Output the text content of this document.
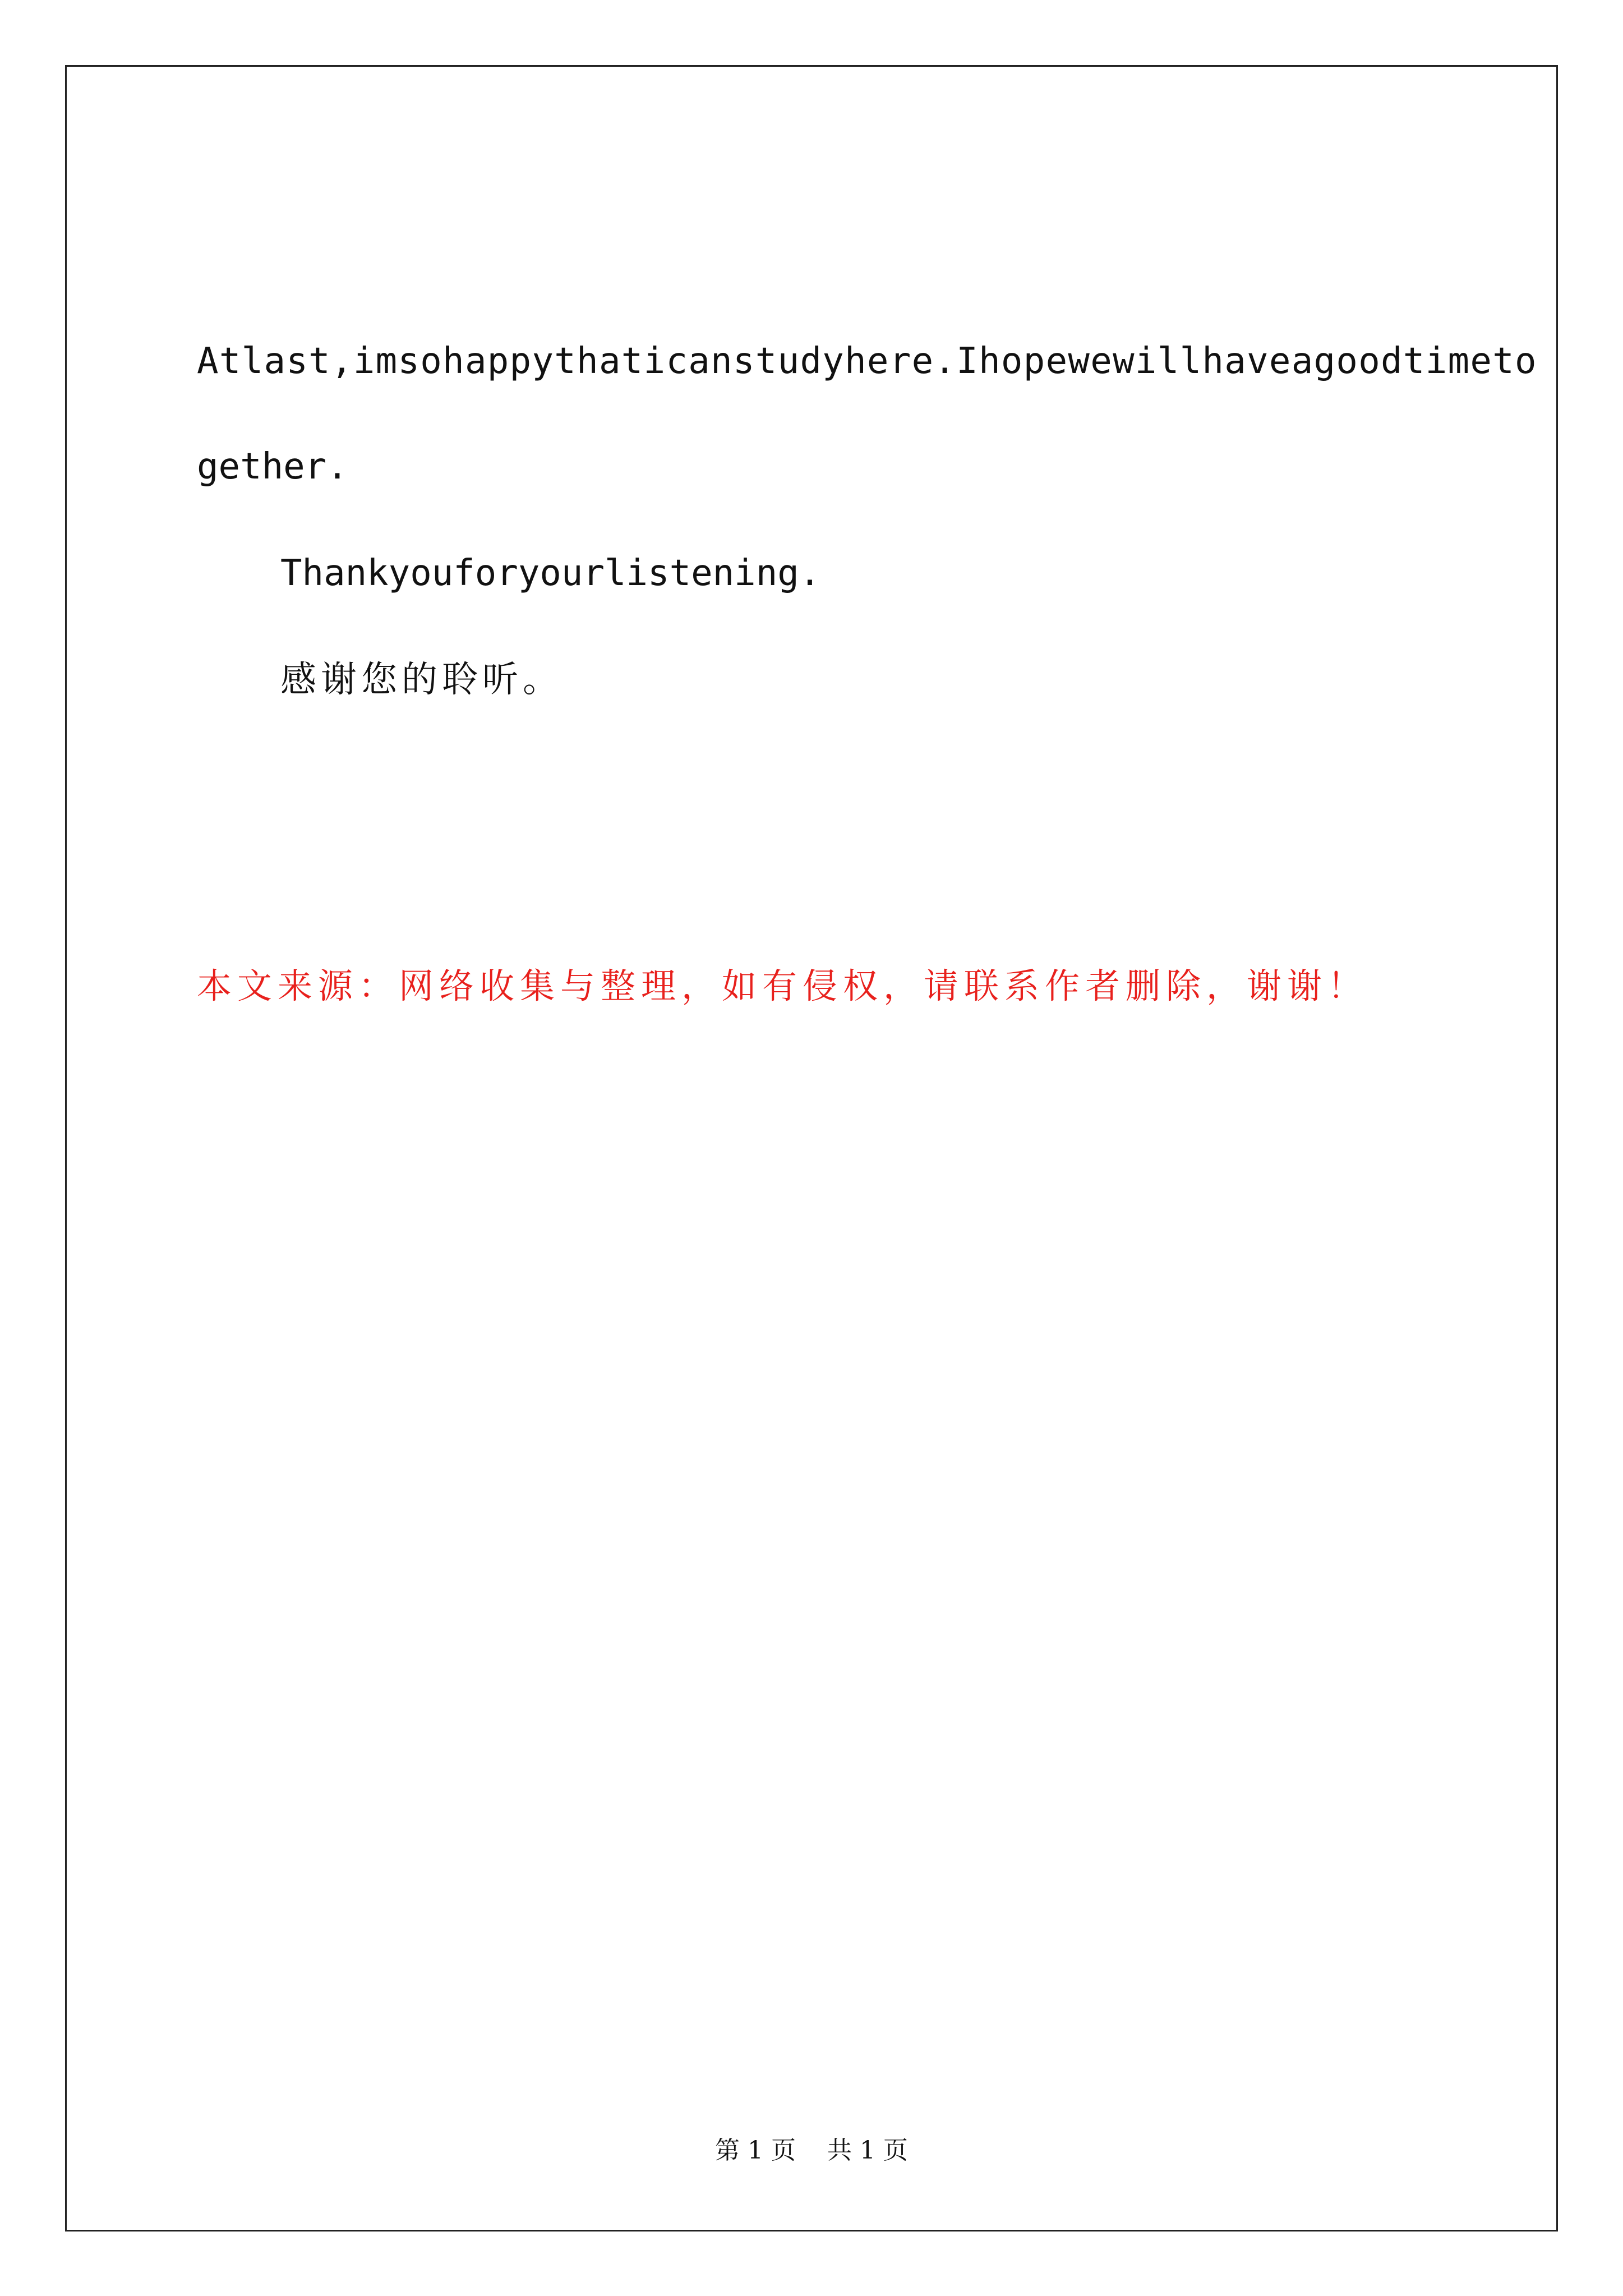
Atlast,imsohappythaticanstudyhere.Ihopewewillhaveagoodtimeto
gether.
Thankyouforyourlistening.
感谢您的聆听。
本文来源：网络收集与整理，如有侵权，请联系作者删除，谢谢！
第 1 页    共 1 页
